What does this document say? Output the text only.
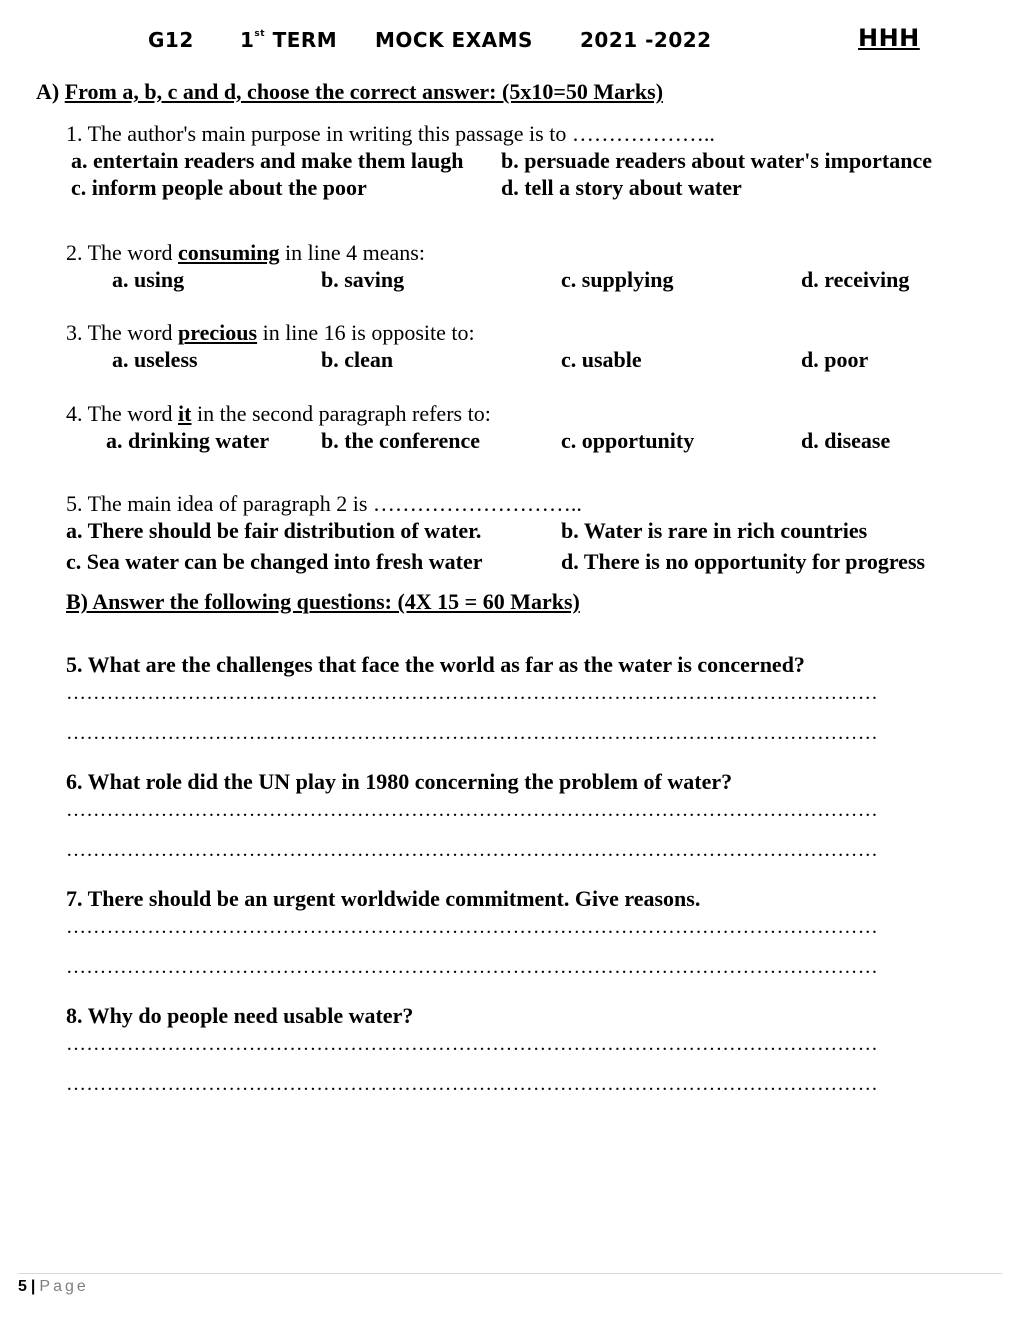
G12 1st TERM MOCK EXAMS 2021 -2022	HHH
A) From a, b, c and d, choose the correct answer: (5x10=50 Marks)
1. The author's main purpose in writing this passage is to ………………..
a. entertain readers and make them laugh b. persuade readers about water's importance
c. inform people about the poor	d. tell a story about water
2. The word consuming in line 4 means:
a. using	b. saving	c. supplying	d. receiving
3. The word precious in line 16 is opposite to:
a. useless	b. clean	c. usable	d. poor
4. The word it in the second paragraph refers to:
a. drinking water b. the conference	c. opportunity	d. disease
5. The main idea of paragraph 2 is ………………………..
a. There should be fair distribution of water.	b. Water is rare in rich countries
c. Sea water can be changed into fresh water	d. There is no opportunity for progress
B) Answer the following questions: (4X 15 = 60 Marks)
5. What are the challenges that face the world as far as the water is concerned?
…………………………………………………………………………………………………………
…………………………………………………………………………………………………………
6. What role did the UN play in 1980 concerning the problem of water?
…………………………………………………………………………………………………………
…………………………………………………………………………………………………………
7. There should be an urgent worldwide commitment. Give reasons.
…………………………………………………………………………………………………………
…………………………………………………………………………………………………………
8. Why do people need usable water?
…………………………………………………………………………………………………………
…………………………………………………………………………………………………………
5 | Page
